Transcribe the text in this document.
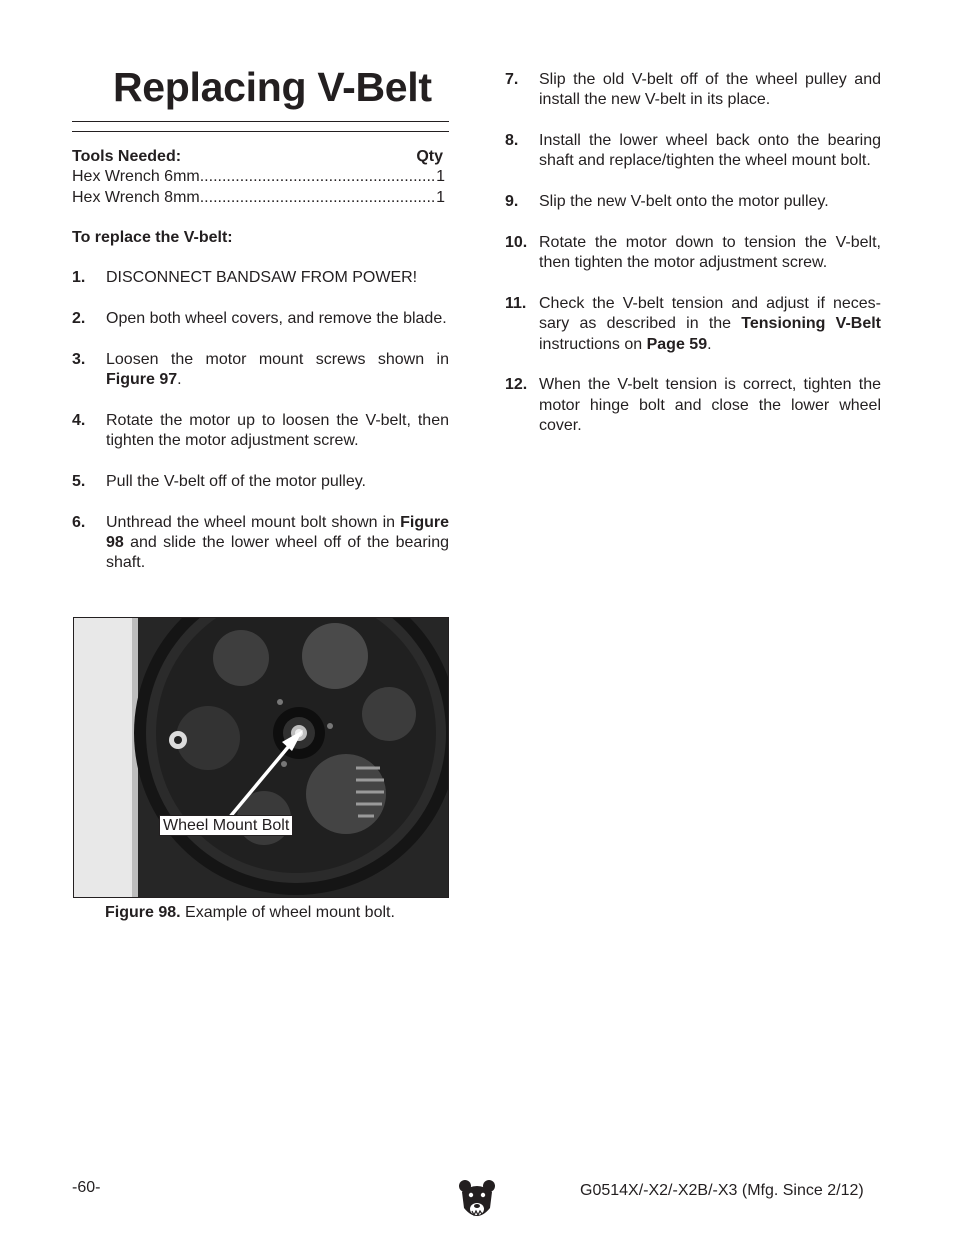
Replacing V-Belt
Tools Needed:	Qty
Hex Wrench 6mm .....	1
Hex Wrench 8mm .....	1
To replace the V-belt:
1.	DISCONNECT BANDSAW FROM POWER!
2.	Open both wheel covers, and remove the blade.
3.	Loosen the motor mount screws shown in Figure 97.
4.	Rotate the motor up to loosen the V-belt, then tighten the motor adjustment screw.
5.	Pull the V-belt off of the motor pulley.
6.	Unthread the wheel mount bolt shown in Figure 98 and slide the lower wheel off of the bearing shaft.
7.	Slip the old V-belt off of the wheel pulley and install the new V-belt in its place.
8.	Install the lower wheel back onto the bearing shaft and replace/tighten the wheel mount bolt.
9.	Slip the new V-belt onto the motor pulley.
10. Rotate the motor down to tension the V-belt, then tighten the motor adjustment screw.
11. Check the V-belt tension and adjust if neces-sary as described in the Tensioning V-Belt instructions on Page 59.
12. When the V-belt tension is correct, tighten the motor hinge bolt and close the lower wheel cover.
Wheel Mount Bolt
Figure 98. Example of wheel mount bolt.
-60-	G0514X/-X2/-X2B/-X3 (Mfg. Since 2/12)
